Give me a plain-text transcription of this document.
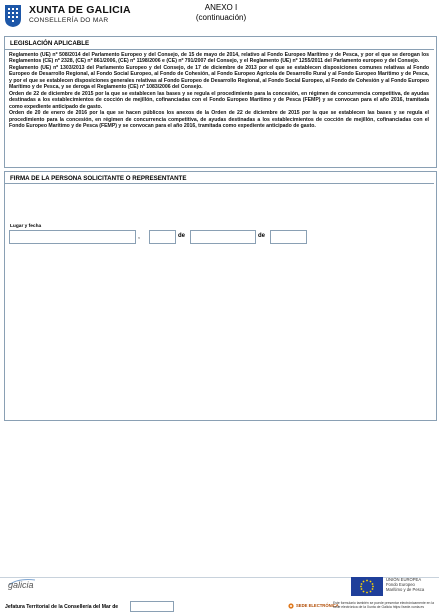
XUNTA DE GALICIA
CONSELLERÍA DO MAR
ANEXO I
(continuación)
LEGISLACIÓN APLICABLE

Reglamento (UE) nº 508/2014 del Parlamento Europeo y del Consejo, de 15 de mayo de 2014, relativo al Fondo Europeo Marítimo y de Pesca, y por el que se derogan los Reglamentos (CE) nº 2328, (CE) nº 861/2006, (CE) nº 1198/2006 e (CE) nº 791/2007 del Consejo, y el Reglamento (UE) nº 1255/2011 del Parlamento europeo y del Consejo.
Reglamento (UE) nº 1303/2013 del Parlamento Europeo y del Consejo, de 17 de diciembre de 2013 por el que se establecen disposiciones comunes relativas al Fondo Europeo de Desarrollo Regional, al Fondo Social Europeo, al Fondo de Cohesión, al Fondo Europeo Agrícola de Desarrollo Rural y al Fondo Europeo Marítimo y de Pesca, y por el que se establecen disposiciones generales relativas al Fondo Europeo de Desarrollo Regional, al Fondo Social Europeo, al Fondo de Cohesión y al Fondo Europeo Marítimo y de Pesca, y se deroga el Reglamento (CE) nº 1083/2006 del Consejo.
Orden de 22 de diciembre de 2015 por la que se establecen las bases y se regula el procedimiento para la concesión, en régimen de concurrencia competitiva, de ayudas destinadas a los establecimientos de cocción de mejillón, cofinanciadas con el Fondo Europeo Marítimo y de Pesca (FEMP) y se convocan para el año 2016, tramitada como expediente anticipado de gasto.
Orden de 20 de enero de 2016 por la que se hacen públicos los anexos de la Orden de 22 de diciembre de 2015 por la que se establecen las bases y se regula el procedimiento para la concesión, en régimen de concurrencia competitiva, de ayudas destinadas a los establecimientos de cocción de mejillón, cofinanciadas con el Fondo Europeo Marítimo y de Pesca (FEMP) y se convocan para el año 2016, tramitada como expediente anticipado de gasto.

FIRMA DE LA PERSONA SOLICITANTE O REPRESENTANTE
Lugar y fecha
,	de	de
galicia
UNIÓN EUROPEA
Fondo Europeo
Marítimo y de Pesca
Jefatura Territorial de la Consellería del Mar de	SEDE ELECTRÓNICA
Este formulario también se puede presentar electrónicamente en la sede electrónica de la Xunta de Galicia https://sede.xunta.es
